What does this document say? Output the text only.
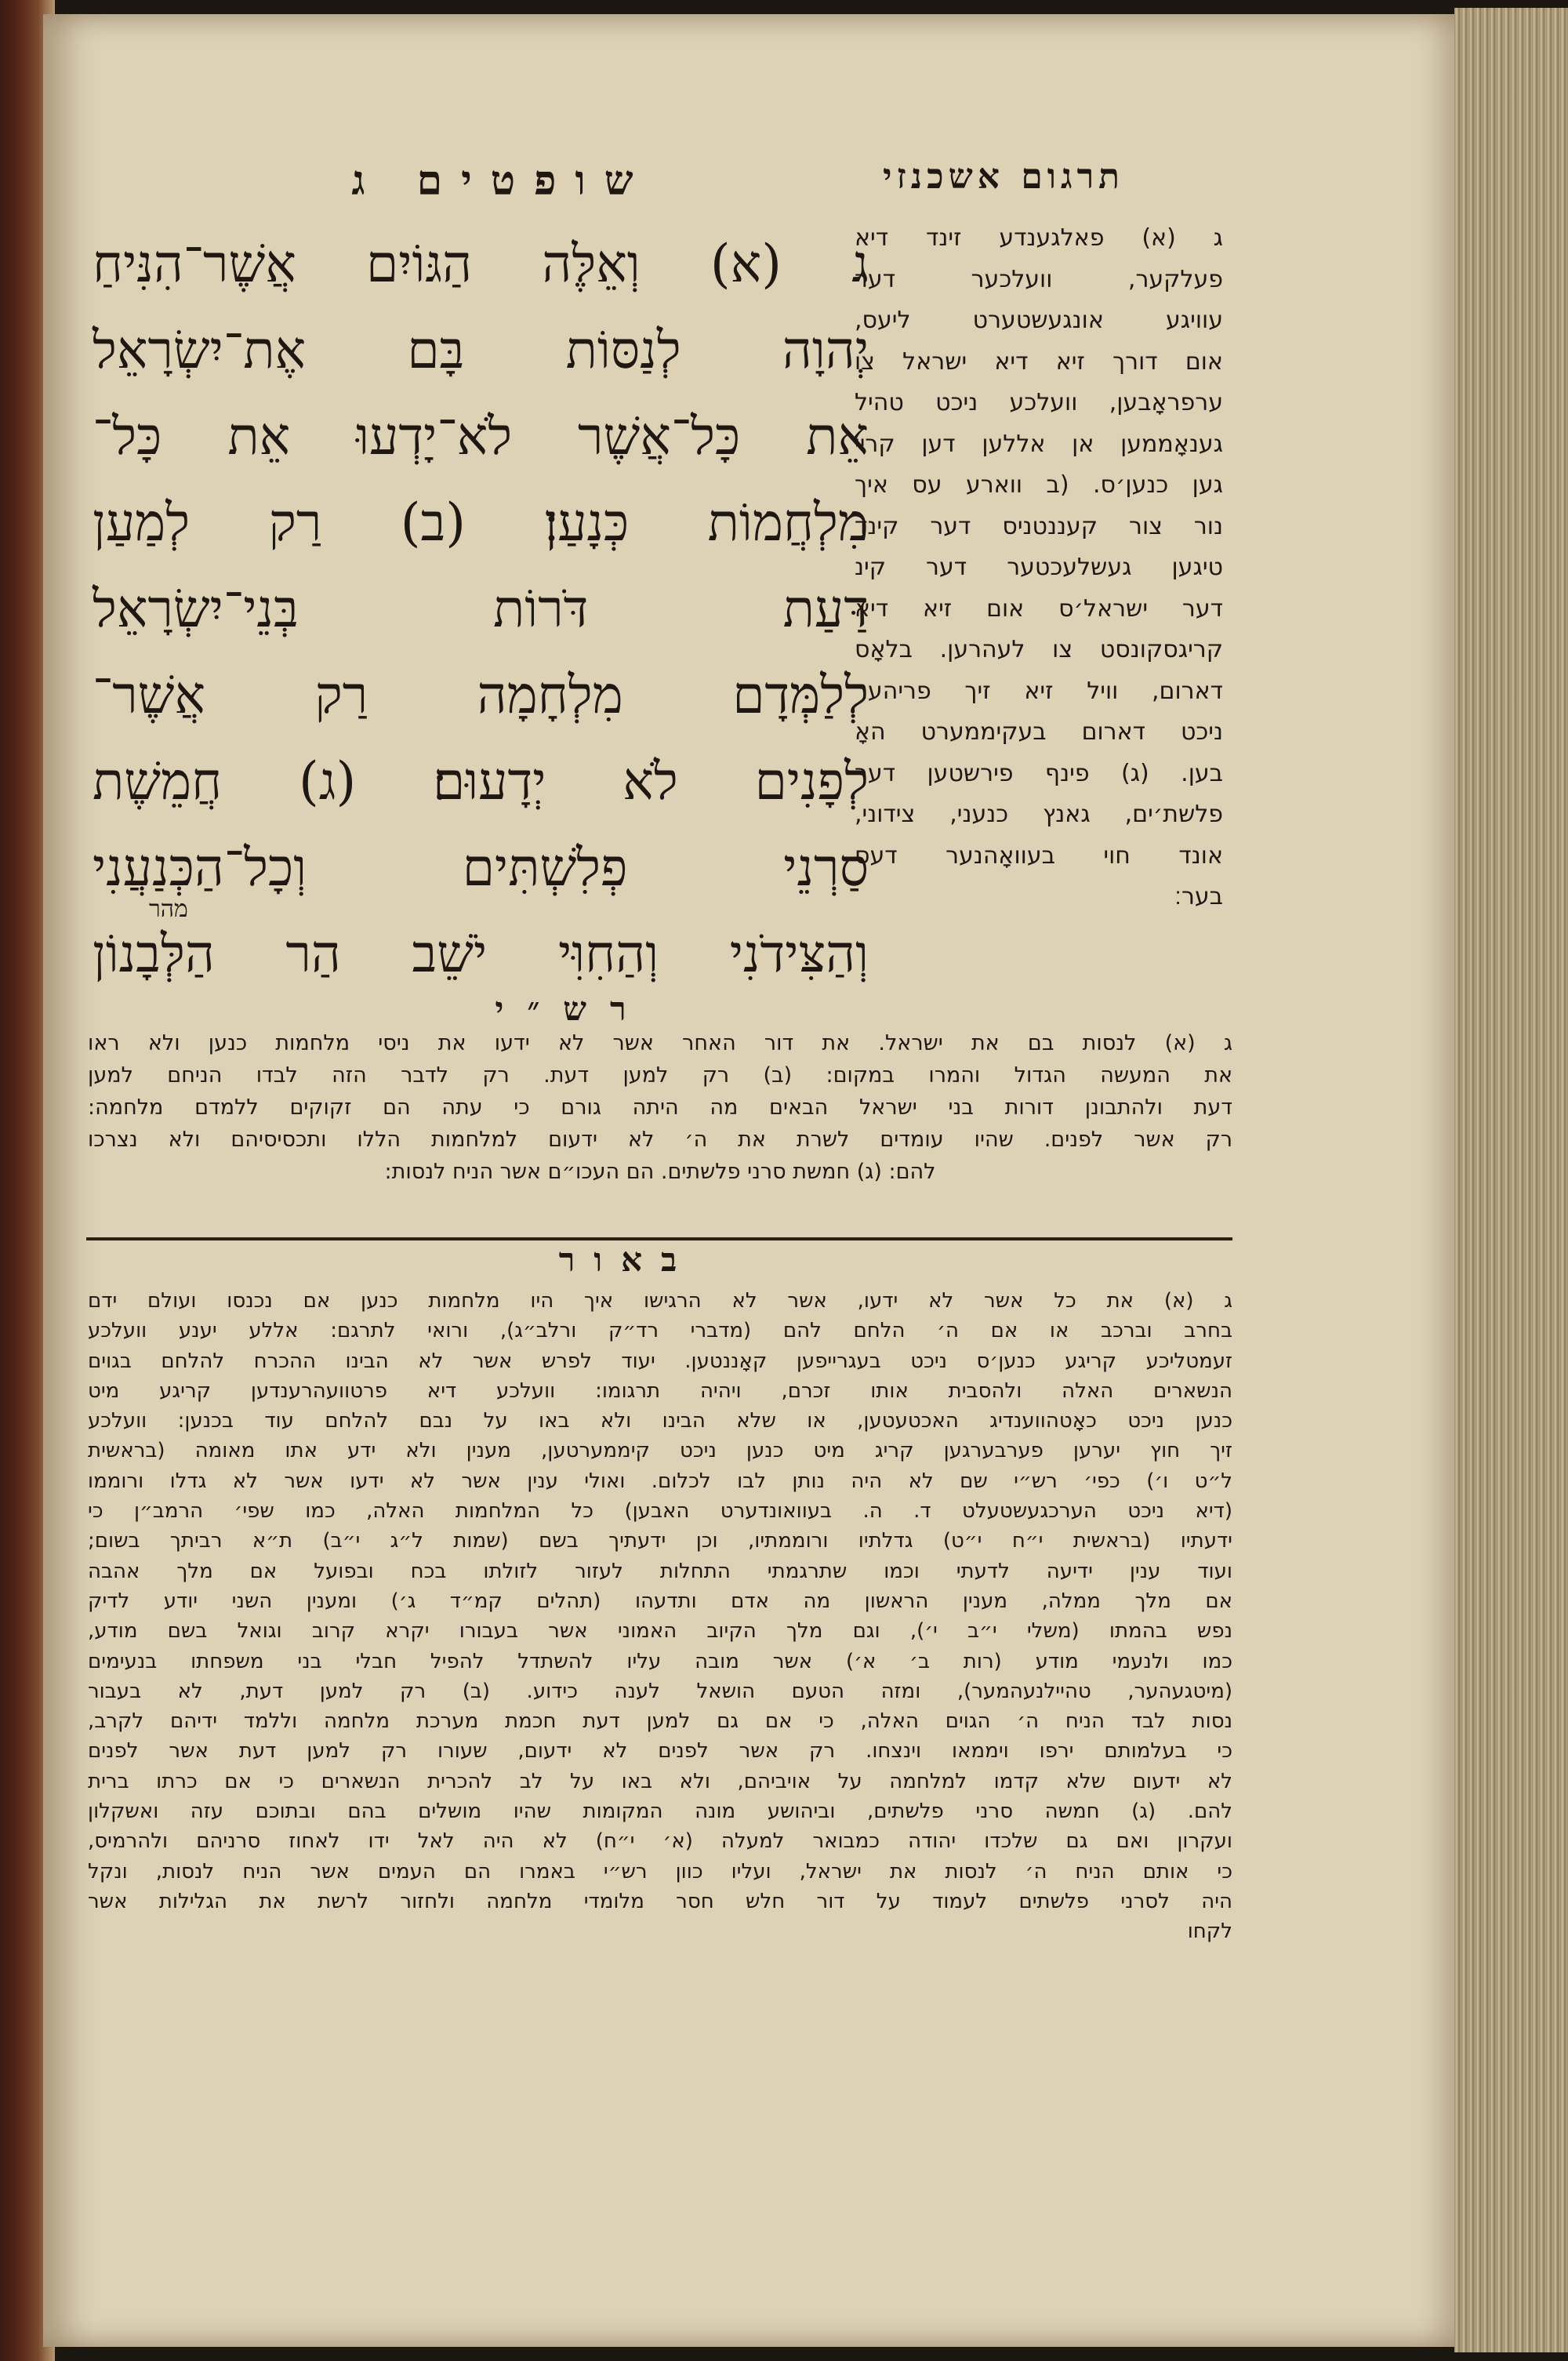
שופטים ג	תרגום אשכנזי
ג (א) וְאֵלֶּה הַגּוֹיִם אֲשֶׁר־הִנִּיחַ
יְהוָה לְנַסּוֹת בָּם אֶת־יִשְׂרָאֵל
אֵת כָּל־אֲשֶׁר לֹא־יָדְעוּ אֵת כָּל־
מִלְחֲמוֹת כְּנָעַן׃ (ב) רַק לְמַעַן
דַּעַת דֹּרוֹת בְּנֵי־יִשְׂרָאֵל
לְלַמְּדָם מִלְחָמָה רַק אֲשֶׁר־
לְפָנִים לֹא יְדָעוּם׃ (ג) חֲמֵשֶׁת
סַרְנֵי פְלִשְׁתִּים וְכָל־הַכְּנַעֲנִי
וְהַצִּידֹנִי וְהַחִוִּי יֹשֵׁב הַר הַלְּבָנוֹן
מהר
ג (א) פאלגענדע זינד דיא
פעלקער, וועלכער דער
עוויגע אונגעשטערט ליעס,
אום דורך זיא דיא ישראל צו
ערפראָבען, וועלכע ניכט טהיל
גענאָממען אן אללען דען קריי
גען כנען׳ס. (ב ווארע עס איך
נור צור קעננטניס דער קינד
טיגען געשלעכטער דער קינ
דער ישראל׳ס אום זיא דיא
קריגסקונסט צו לעהרען. בלאָס
דארום, וויל זיא זיך פריהער
ניכט דארום בעקיממערט האָ
בען. (ג) פינף פירשטען דער
פלשת׳ים, גאנץ כנעני, צידוני,
אונד חוי בעוואָהנער דעס
בער׃
רש״י
ג (א) לנסות בם את ישראל. את דור האחר אשר לא ידעו את ניסי מלחמות כנען ולא ראו
את המעשה הגדול והמרו במקום: (ב) רק למען דעת. רק לדבר הזה לבדו הניחם למען
דעת ולהתבונן דורות בני ישראל הבאים מה היתה גורם כי עתה הם זקוקים ללמדם מלחמה:
רק אשר לפנים. שהיו עומדים לשרת את ה׳ לא ידעום למלחמות הללו ותכסיסיהם ולא נצרכו
להם: (ג) חמשת סרני פלשתים. הם העכו״ם אשר הניח לנסות:
באור
ג (א) את כל אשר לא ידעו, אשר לא הרגישו איך היו מלחמות כנען אם נכנסו ועולם ידם
בחרב וברכב או אם ה׳ הלחם להם (מדברי רד״ק ורלב״ג), ורואי לתרגם: אללע יענע וועלכע
זעמטליכע קריגע כנען׳ס ניכט בעגרייפען קאָננטען. יעוד לפרש אשר לא הבינו ההכרח להלחם בגוים
הנשארים האלה ולהסבית אותו זכרם, ויהיה תרגומו: וועלכע דיא פרטוועהרענדען קריגע מיט
כנען ניכט כאָטהווענדיג האכטעטען, או שלא הבינו ולא באו על נבם להלחם עוד בכנען: וועלכע
זיך חוץ יערען פערבערגען קריג מיט כנען ניכט קיממערטען, מענין ולא ידע אתו מאומה (בראשית
ל״ט ו׳) כפי׳ רש״י שם לא היה נותן לבו לכלום. ואולי ענין אשר לא ידעו אשר לא גדלו ורוממו
(דיא ניכט הערכגעשטעלט ד. ה. בעוואונדערט האבען) כל המלחמות האלה, כמו שפי׳ הרמב״ן כי
ידעתיו (בראשית י״ח י״ט) גדלתיו ורוממתיו, וכן ידעתיך בשם (שמות ל״ג י״ב) ת״א רביתך בשום;
ועוד ענין ידיעה לדעתי וכמו שתרגמתי התחלות לעזור לזולתו בכח ובפועל אם מלך אהבה
אם מלך ממלה, מענין הראשון מה אדם ותדעהו (תהלים קמ״ד ג׳) ומענין השני יודע לדיק
נפש בהמתו (משלי י״ב י׳), וגם מלך הקיוב האמוני אשר בעבורו יקרא קרוב וגואל בשם מודע,
כמו ולנעמי מודע (רות ב׳ א׳) אשר מובה עליו להשתדל להפיל חבלי בני משפחתו בנעימים
(מיטגעהער, טהיילנעהמער), ומזה הטעם הושאל לענה כידוע. (ב) רק למען דעת, לא בעבור
נסות לבד הניח ה׳ הגוים האלה, כי אם גם למען דעת חכמת מערכת מלחמה וללמד ידיהם לקרב,
כי בעלמותם ירפו ויממאו וינצחו. רק אשר לפנים לא ידעום, שעורו רק למען דעת אשר לפנים
לא ידעום שלא קדמו למלחמה על אויביהם, ולא באו על לב להכרית הנשארים כי אם כרתו ברית
להם. (ג) חמשה סרני פלשתים, וביהושע מונה המקומות שהיו מושלים בהם ובתוכם עזה ואשקלון
ועקרון ואם גם שלכדו יהודה כמבואר למעלה (א׳ י״ח) לא היה לאל ידו לאחוז סרניהם ולהרמיס,
כי אותם הניח ה׳ לנסות את ישראל, ועליו כוון רש״י באמרו הם העמים אשר הניח לנסות, ונקל
היה לסרני פלשתים לעמוד על דור חלש חסר מלומדי מלחמה ולחזור לרשת את הגלילות אשר
לקחו
